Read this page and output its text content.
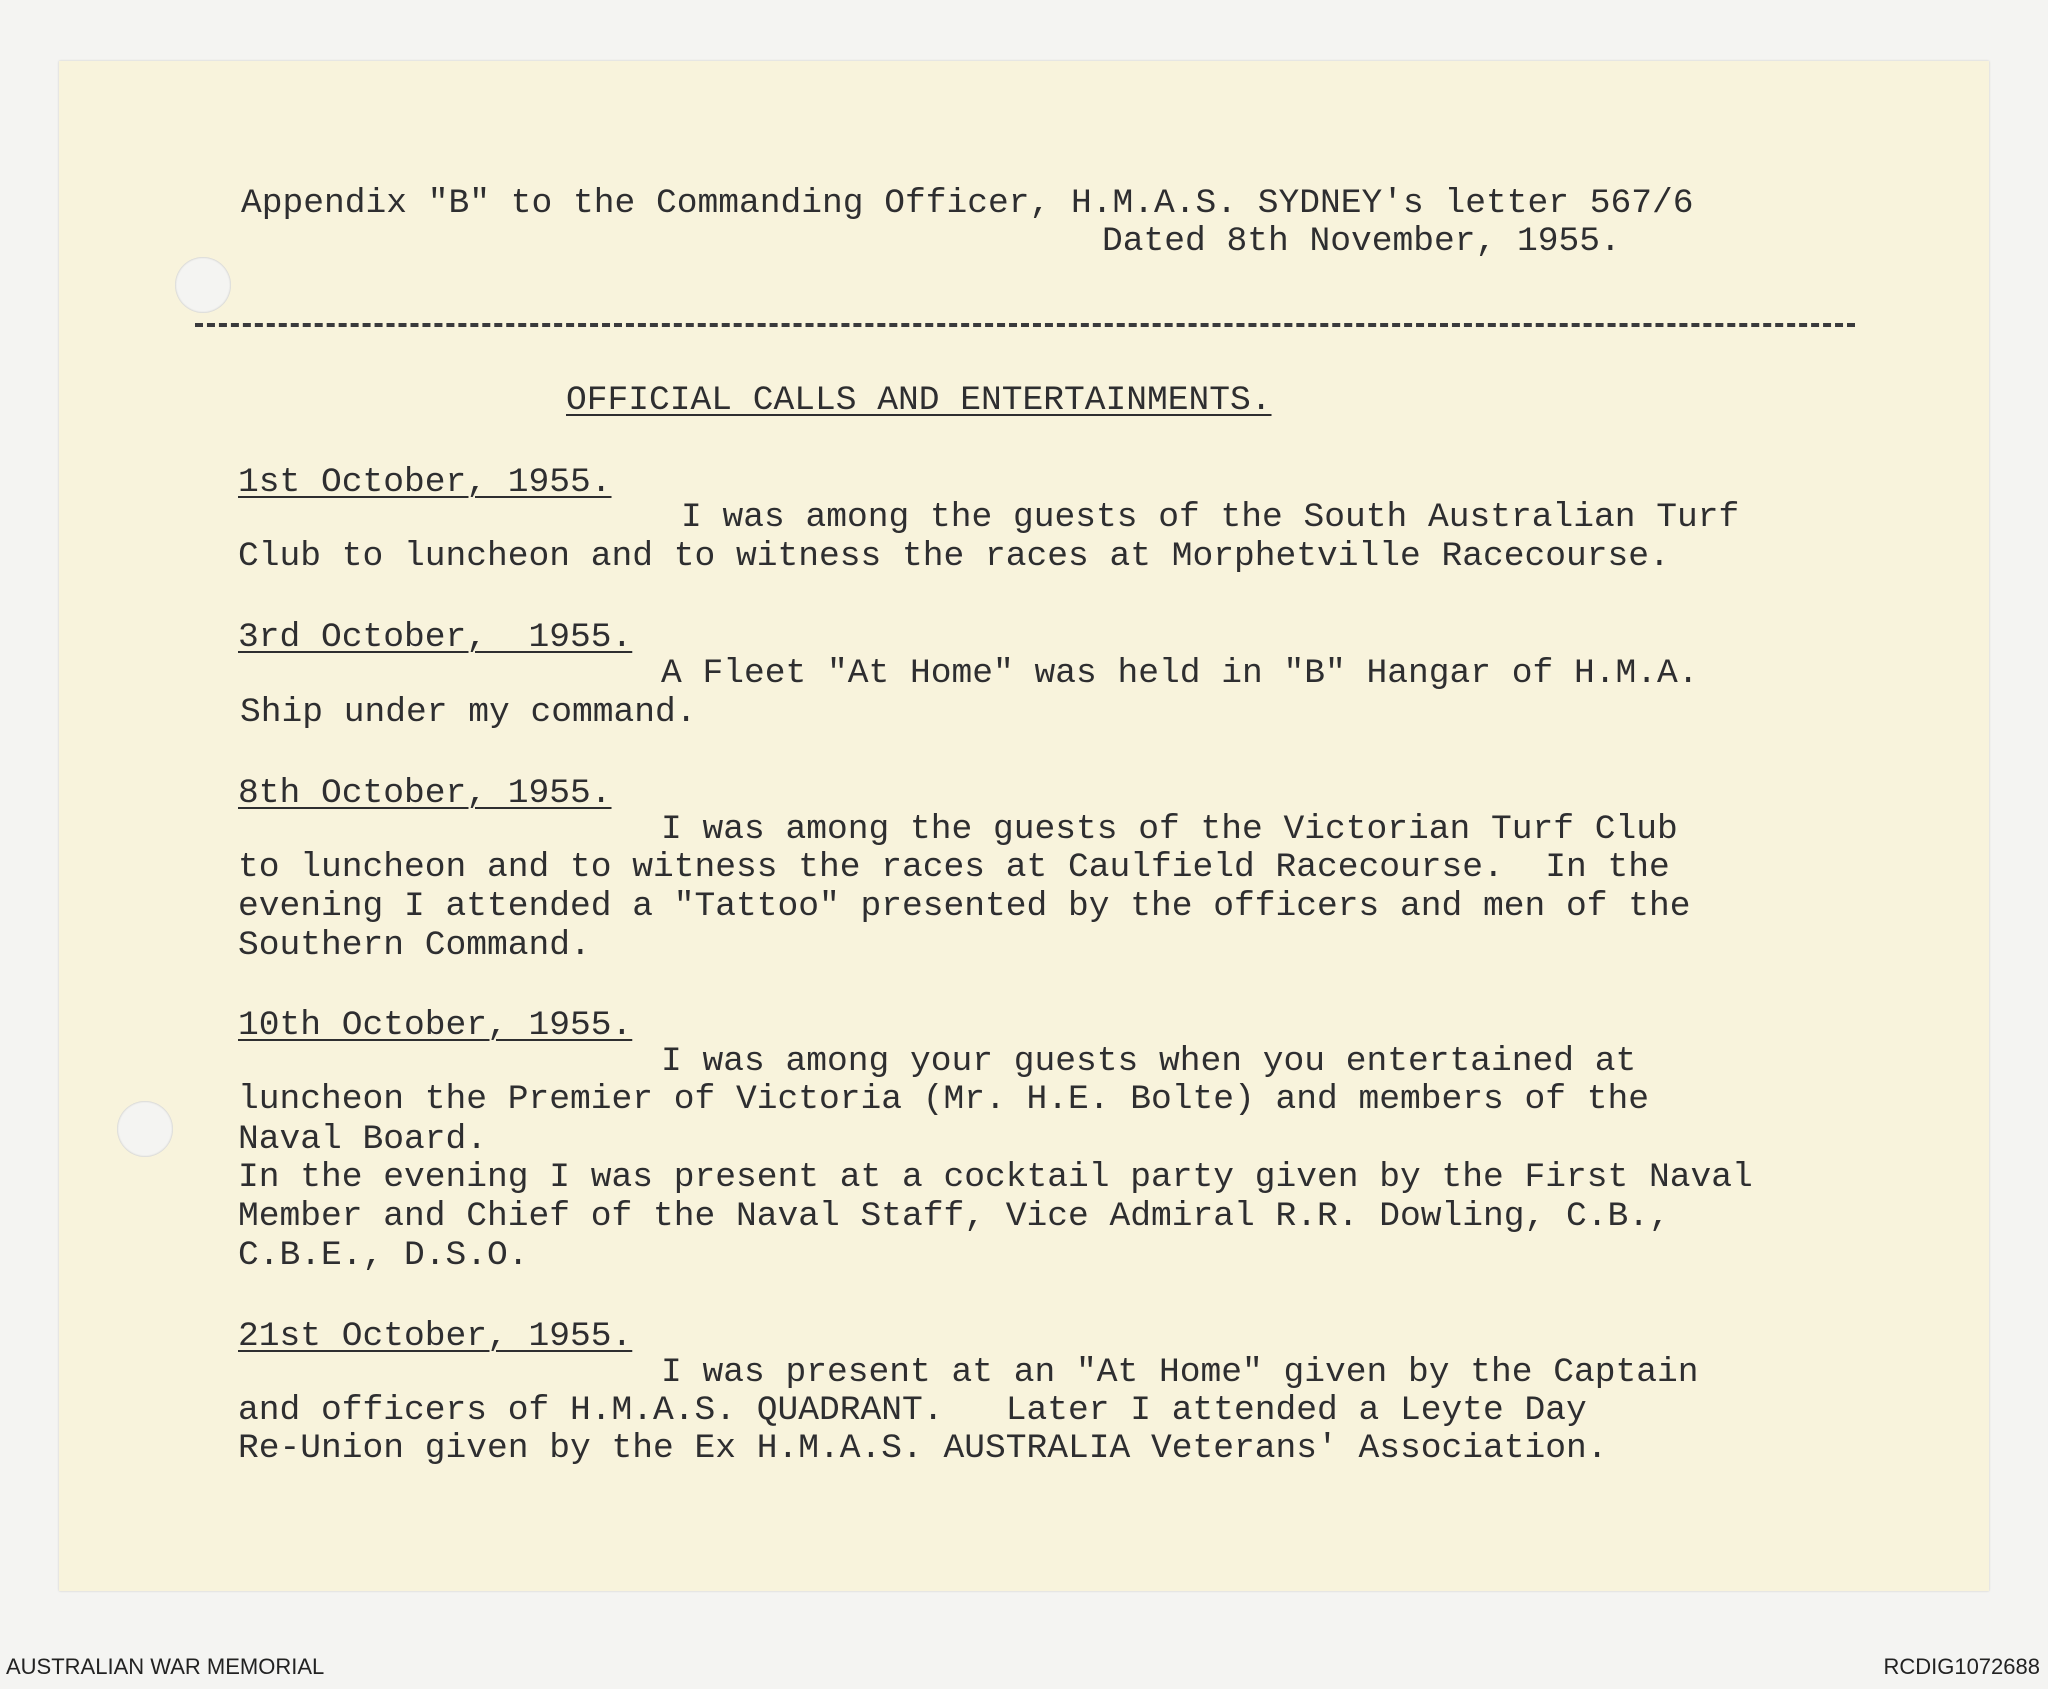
Appendix "B" to the Commanding Officer, H.M.A.S. SYDNEY's letter 567/6
Dated 8th November, 1955.
OFFICIAL CALLS AND ENTERTAINMENTS.
1st October, 1955.
I was among the guests of the South Australian Turf
Club to luncheon and to witness the races at Morphetville Racecourse.
3rd October,  1955.
A Fleet "At Home" was held in "B" Hangar of H.M.A.
Ship under my command.
8th October, 1955.
I was among the guests of the Victorian Turf Club
to luncheon and to witness the races at Caulfield Racecourse.  In the
evening I attended a "Tattoo" presented by the officers and men of the
Southern Command.
10th October, 1955.
I was among your guests when you entertained at
luncheon the Premier of Victoria (Mr. H.E. Bolte) and members of the
Naval Board.
In the evening I was present at a cocktail party given by the First Naval
Member and Chief of the Naval Staff, Vice Admiral R.R. Dowling, C.B.,
C.B.E., D.S.O.
21st October, 1955.
I was present at an "At Home" given by the Captain
and officers of H.M.A.S. QUADRANT.   Later I attended a Leyte Day
Re-Union given by the Ex H.M.A.S. AUSTRALIA Veterans' Association.
AUSTRALIAN WAR MEMORIAL	RCDIG1072688
